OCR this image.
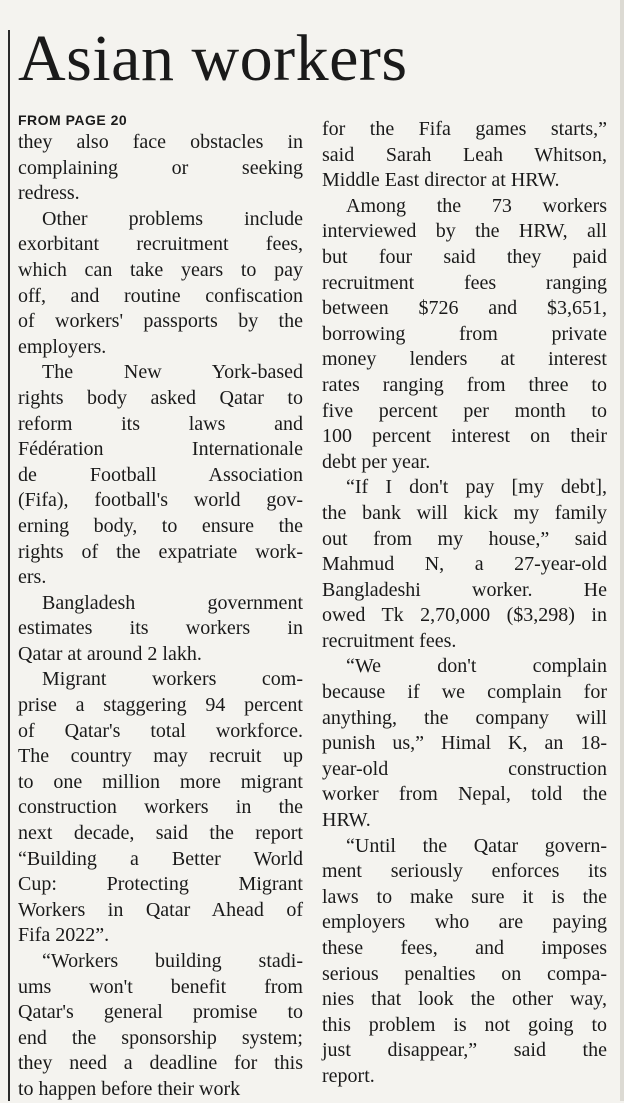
Asian workers
FROM PAGE 20
they also face obstacles in
complaining or seeking
redress.
Other problems include
exorbitant recruitment fees,
which can take years to pay
off, and routine confiscation
of workers' passports by the
employers.
The New York-based
rights body asked Qatar to
reform its laws and
Fédération Internationale
de Football Association
(Fifa), football's world gov-
erning body, to ensure the
rights of the expatriate work-
ers.
Bangladesh government
estimates its workers in
Qatar at around 2 lakh.
Migrant workers com-
prise a staggering 94 percent
of Qatar's total workforce.
The country may recruit up
to one million more migrant
construction workers in the
next decade, said the report
“Building a Better World
Cup: Protecting Migrant
Workers in Qatar Ahead of
Fifa 2022”.
“Workers building stadi-
ums won't benefit from
Qatar's general promise to
end the sponsorship system;
they need a deadline for this
to happen before their work
for the Fifa games starts,”
said Sarah Leah Whitson,
Middle East director at HRW.
Among the 73 workers
interviewed by the HRW, all
but four said they paid
recruitment fees ranging
between $726 and $3,651,
borrowing from private
money lenders at interest
rates ranging from three to
five percent per month to
100 percent interest on their
debt per year.
“If I don't pay [my debt],
the bank will kick my family
out from my house,” said
Mahmud N, a 27-year-old
Bangladeshi worker. He
owed Tk 2,70,000 ($3,298) in
recruitment fees.
“We don't complain
because if we complain for
anything, the company will
punish us,” Himal K, an 18-
year-old construction
worker from Nepal, told the
HRW.
“Until the Qatar govern-
ment seriously enforces its
laws to make sure it is the
employers who are paying
these fees, and imposes
serious penalties on compa-
nies that look the other way,
this problem is not going to
just disappear,” said the
report.
